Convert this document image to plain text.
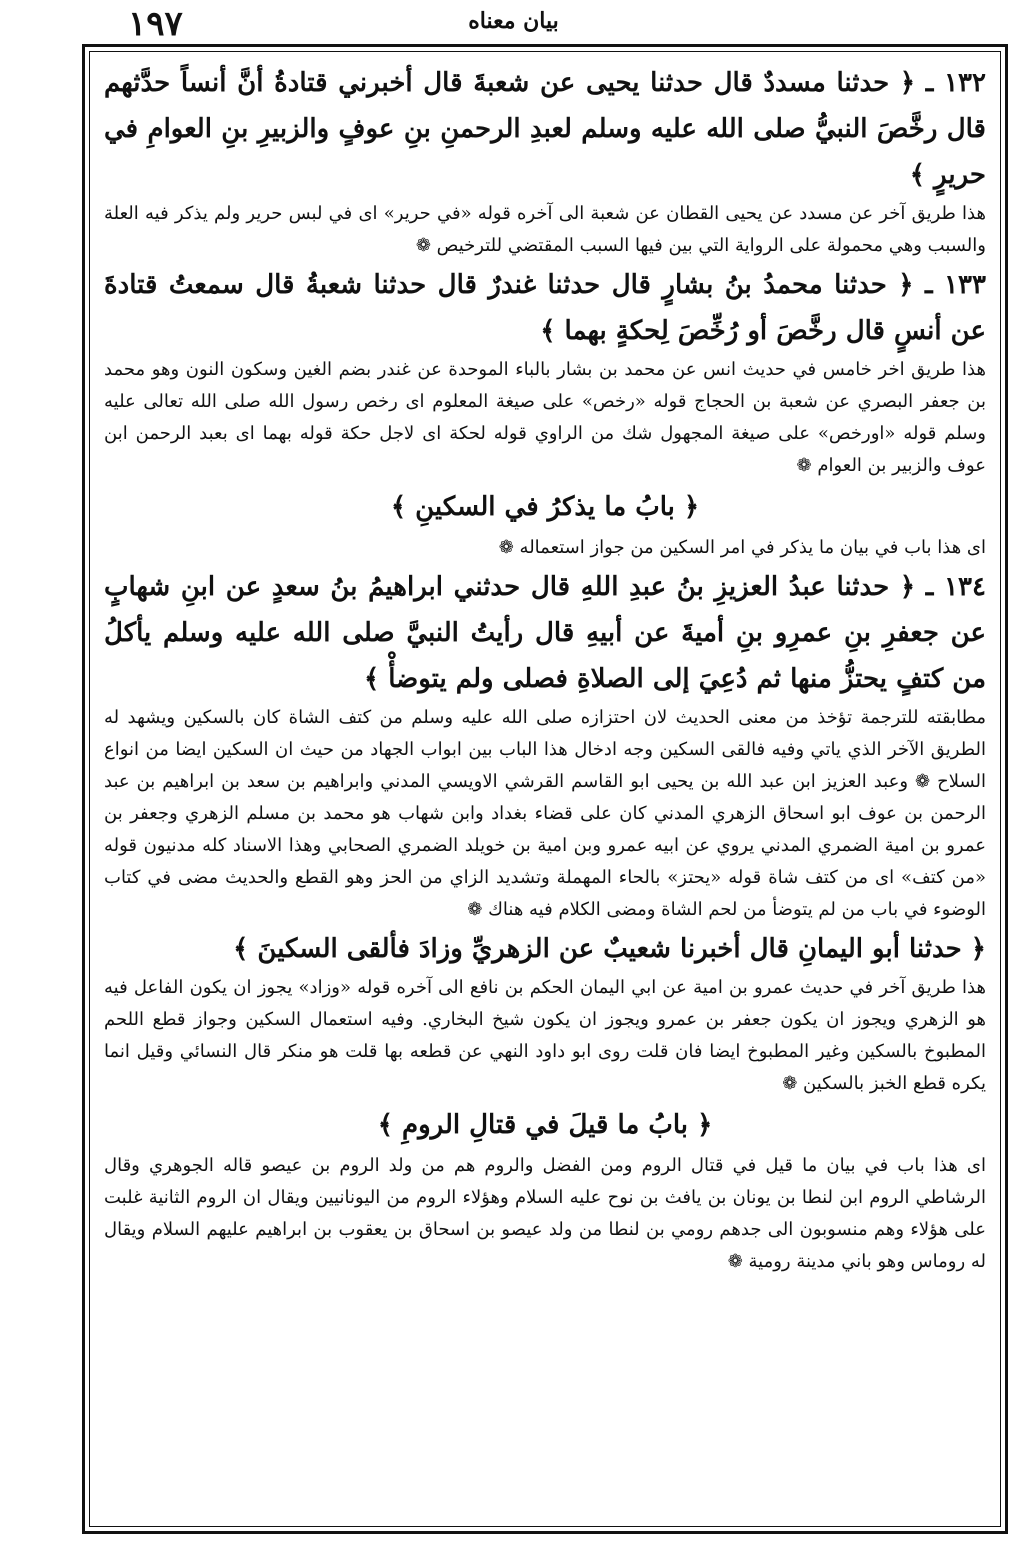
١٩٧	بيان معناه

١٣٢ ـ ﴿ حدثنا مسددٌ قال حدثنا يحيى عن شعبةَ قال أخبرني قتادةُ أنَّ أنساً حدَّثهم قال رخَّصَ النبيُّ صلى الله عليه وسلم لعبدِ الرحمنِ بنِ عوفٍ والزبيرِ بنِ العوامِ في حريرٍ ﴾

هذا طريق آخر عن مسدد عن يحيى القطان عن شعبة الى آخره قوله «في حرير» اى في لبس حرير ولم يذكر فيه العلة والسبب وهي محمولة على الرواية التي بين فيها السبب المقتضي للترخيص ❁

١٣٣ ـ ﴿ حدثنا محمدُ بنُ بشارٍ قال حدثنا غندرٌ قال حدثنا شعبةُ قال سمعتُ قتادةَ عن أنسٍ قال رخَّصَ أو رُخِّصَ لِحكةٍ بهما ﴾

هذا طريق اخر خامس في حديث انس عن محمد بن بشار بالباء الموحدة عن غندر بضم الغين وسكون النون وهو محمد بن جعفر البصري عن شعبة بن الحجاج قوله «رخص» على صيغة المعلوم اى رخص رسول الله صلى الله تعالى عليه وسلم قوله «اورخص» على صيغة المجهول شك من الراوي قوله لحكة اى لاجل حكة قوله بهما اى بعبد الرحمن ابن عوف والزبير بن العوام ❁

﴿ بابُ ما يذكرُ في السكينِ ﴾

اى هذا باب في بيان ما يذكر في امر السكين من جواز استعماله ❁

١٣٤ ـ ﴿ حدثنا عبدُ العزيزِ بنُ عبدِ اللهِ قال حدثني ابراهيمُ بنُ سعدٍ عن ابنِ شهابٍ عن جعفرِ بنِ عمرِو بنِ أميةَ عن أبيهِ قال رأيتُ النبيَّ صلى الله عليه وسلم يأكلُ من كتفٍ يحتزُّ منها ثم دُعِيَ إلى الصلاةِ فصلى ولم يتوضأْ ﴾

مطابقته للترجمة تؤخذ من معنى الحديث لان احتزازه صلى الله عليه وسلم من كتف الشاة كان بالسكين ويشهد له الطريق الآخر الذي ياتي وفيه فالقى السكين وجه ادخال هذا الباب بين ابواب الجهاد من حيث ان السكين ايضا من انواع السلاح ❁ وعبد العزيز ابن عبد الله بن يحيى ابو القاسم القرشي الاويسي المدني وابراهيم بن سعد بن ابراهيم بن عبد الرحمن بن عوف ابو اسحاق الزهري المدني كان على قضاء بغداد وابن شهاب هو محمد بن مسلم الزهري وجعفر بن عمرو بن امية الضمري المدني يروي عن ابيه عمرو وبن امية بن خويلد الضمري الصحابي وهذا الاسناد كله مدنيون قوله «من كتف» اى من كتف شاة قوله «يحتز» بالحاء المهملة وتشديد الزاي من الحز وهو القطع والحديث مضى في كتاب الوضوء في باب من لم يتوضأ من لحم الشاة ومضى الكلام فيه هناك ❁

﴿ حدثنا أبو اليمانِ قال أخبرنا شعيبٌ عن الزهريِّ وزادَ فألقى السكينَ ﴾

هذا طريق آخر في حديث عمرو بن امية عن ابي اليمان الحكم بن نافع الى آخره قوله «وزاد» يجوز ان يكون الفاعل فيه هو الزهري ويجوز ان يكون جعفر بن عمرو ويجوز ان يكون شيخ البخاري. وفيه استعمال السكين وجواز قطع اللحم المطبوخ بالسكين وغير المطبوخ ايضا فان قلت روى ابو داود النهي عن قطعه بها قلت هو منكر قال النسائي وقيل انما يكره قطع الخبز بالسكين ❁

﴿ بابُ ما قيلَ في قتالِ الرومِ ﴾

اى هذا باب في بيان ما قيل في قتال الروم ومن الفضل والروم هم من ولد الروم بن عيصو قاله الجوهري وقال الرشاطي الروم ابن لنطا بن يونان بن يافث بن نوح عليه السلام وهؤلاء الروم من اليونانيين ويقال ان الروم الثانية غلبت على هؤلاء وهم منسوبون الى جدهم رومي بن لنطا من ولد عيصو بن اسحاق بن يعقوب بن ابراهيم عليهم السلام ويقال له روماس وهو باني مدينة رومية ❁
